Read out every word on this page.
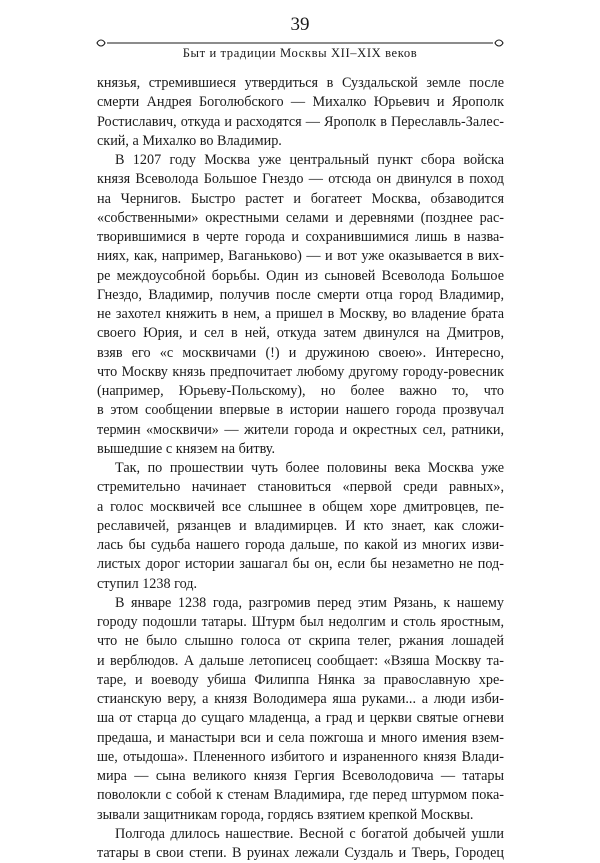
39
Быт и традиции Москвы XII–XIX веков

князья, стремившиеся утвердиться в Суздальской земле после
смерти Андрея Боголюбского — Михалко Юрьевич и Ярополк
Ростиславич, откуда и расходятся — Ярополк в Переславль-Залес-
ский, а Михалко во Владимир.

В 1207 году Москва уже центральный пункт сбора войска
князя Всеволода Большое Гнездо — отсюда он двинулся в поход
на Чернигов. Быстро растет и богатеет Москва, обзаводится
«собственными» окрестными селами и деревнями (позднее рас-
творившимися в черте города и сохранившимися лишь в назва-
ниях, как, например, Ваганьково) — и вот уже оказывается в вих-
ре междоусобной борьбы. Один из сыновей Всеволода Большое
Гнездо, Владимир, получив после смерти отца город Владимир,
не захотел княжить в нем, а пришел в Москву, во владение брата
своего Юрия, и сел в ней, откуда затем двинулся на Дмитров,
взяв его «с москвичами (!) и дружиною своею». Интересно,
что Москву князь предпочитает любому другому городу-ровесник
(например, Юрьеву-Польскому), но более важно то, что
в этом сообщении впервые в истории нашего города прозвучал
термин «москвичи» — жители города и окрестных сел, ратники,
вышедшие с князем на битву.

Так, по прошествии чуть более половины века Москва уже
стремительно начинает становиться «первой среди равных»,
а голос москвичей все слышнее в общем хоре дмитровцев, пе-
реславичей, рязанцев и владимирцев. И кто знает, как сложи-
лась бы судьба нашего города дальше, по какой из многих изви-
листых дорог истории зашагал бы он, если бы незаметно не под-
ступил 1238 год.

В январе 1238 года, разгромив перед этим Рязань, к нашему
городу подошли татары. Штурм был недолгим и столь яростным,
что не было слышно голоса от скрипа телег, ржания лошадей
и верблюдов. А дальше летописец сообщает: «Взяша Москву та-
таре, и воеводу убиша Филиппа Нянка за православную хре-
стианскую веру, а князя Володимера яша руками... а люди изби-
ша от старца до сущаго младенца, а град и церкви святые огневи
предаша, и манастыри вси и села пожгоша и много имения взем-
ше, отыдоша». Плененного избитого и израненного князя Влади-
мира — сына великого князя Гергия Всеволодовича — татары
поволокли с собой к стенам Владимира, где перед штурмом пока-
зывали защитникам города, гордясь взятием крепкой Москвы.

Полгода длилось нашествие. Весной с богатой добычей ушли
татары в свои степи. В руинах лежали Суздаль и Тверь, Городец
